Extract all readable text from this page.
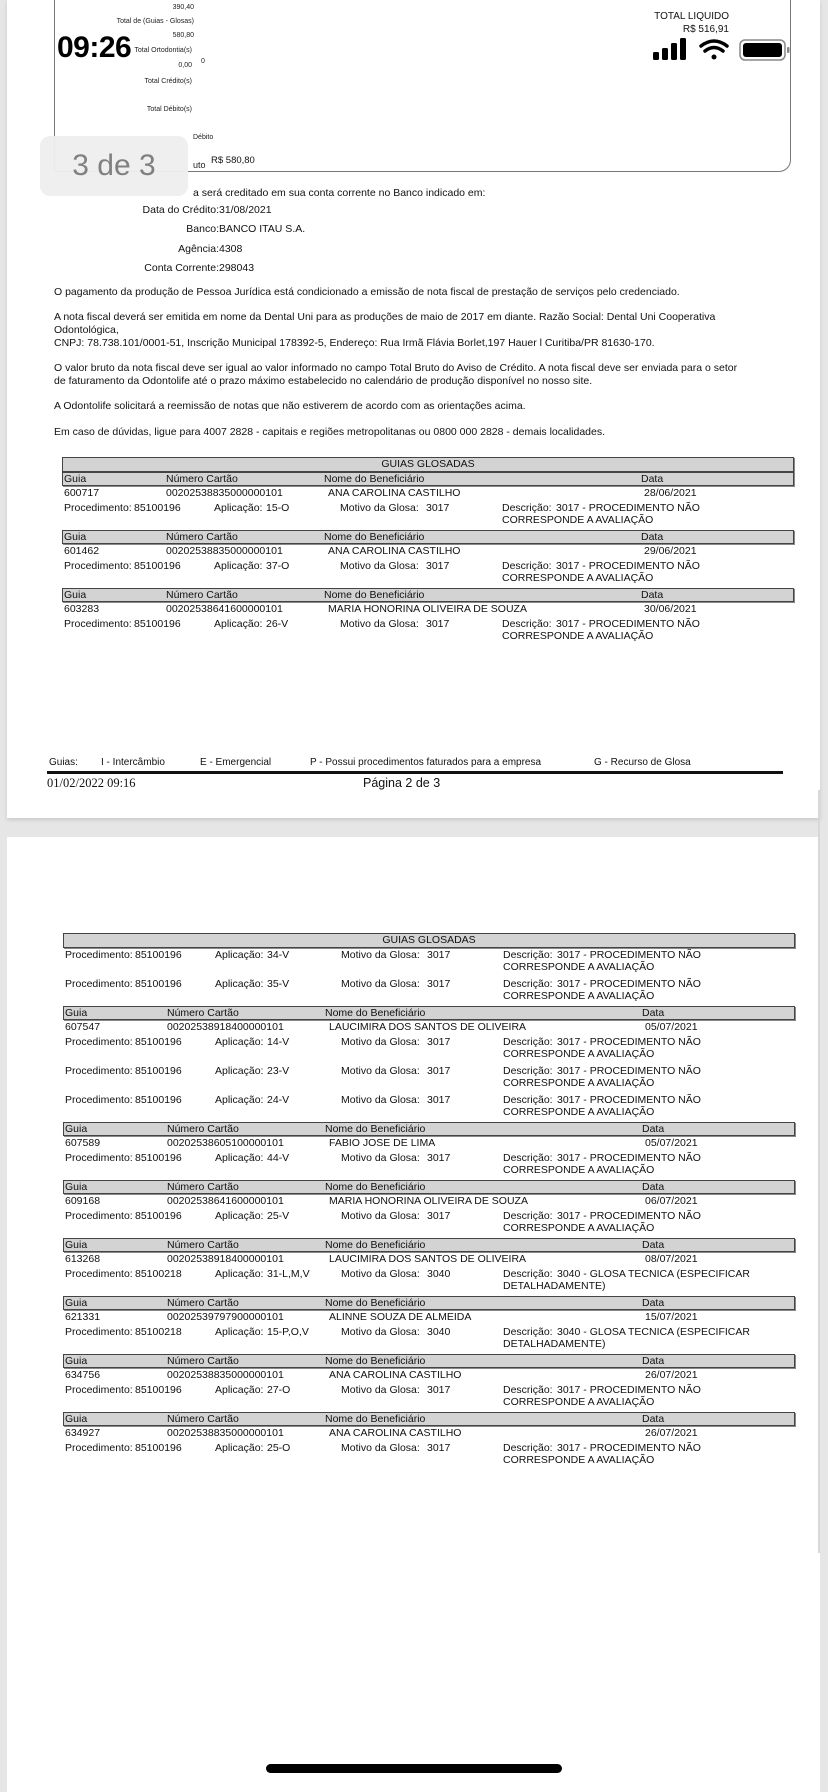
390,40
Total de (Guias - Glosas)
580,80
Total Ortodontia(s)
0,00
0
Total Crédito(s)
Total Débito(s)
Débito
uto R$ 580,80
TOTAL LIQUIDO
R$ 516,91
a será creditado em sua conta corrente no Banco indicado em:
Data do Crédito: 31/08/2021
Banco: BANCO ITAU S.A.
Agência: 4308
Conta Corrente: 298043
O pagamento da produção de Pessoa Jurídica está condicionado a emissão de nota fiscal de prestação de serviços pelo credenciado.
A nota fiscal deverá ser emitida em nome da Dental Uni para as produções de maio de 2017 em diante. Razão Social: Dental Uni Cooperativa
Odontológica,
CNPJ: 78.738.101/0001-51, Inscrição Municipal 178392-5, Endereço: Rua Irmã Flávia Borlet,197 Hauer l Curitiba/PR 81630-170.
O valor bruto da nota fiscal deve ser igual ao valor informado no campo Total Bruto do Aviso de Crédito. A nota fiscal deve ser enviada para o setor
de faturamento da Odontolife até o prazo máximo estabelecido no calendário de produção disponível no nosso site.
A Odontolife solicitará a reemissão de notas que não estiverem de acordo com as orientações acima.
Em caso de dúvidas, ligue para 4007 2828 - capitais e regiões metropolitanas ou 0800 000 2828 - demais localidades.
GUIAS GLOSADAS
Guia	Número Cartão	Nome do Beneficiário	Data
600717	00202538835000000101	ANA CAROLINA CASTILHO	28/06/2021
Procedimento: 85100196	Aplicação: 15-O	Motivo da Glosa: 3017	Descrição: 3017 - PROCEDIMENTO NÃO
CORRESPONDE A AVALIAÇÃO
Guia	Número Cartão	Nome do Beneficiário	Data
601462	00202538835000000101	ANA CAROLINA CASTILHO	29/06/2021
Procedimento: 85100196	Aplicação: 37-O	Motivo da Glosa: 3017	Descrição: 3017 - PROCEDIMENTO NÃO
CORRESPONDE A AVALIAÇÃO
Guia	Número Cartão	Nome do Beneficiário	Data
603283	00202538641600000101	MARIA HONORINA OLIVEIRA DE SOUZA	30/06/2021
Procedimento: 85100196	Aplicação: 26-V	Motivo da Glosa: 3017	Descrição: 3017 - PROCEDIMENTO NÃO
CORRESPONDE A AVALIAÇÃO
Guias: I - Intercâmbio	E - Emergencial	P - Possui procedimentos faturados para a empresa	G - Recurso de Glosa
01/02/2022 09:16	Página 2 de 3
GUIAS GLOSADAS
Procedimento: 85100196	Aplicação: 34-V	Motivo da Glosa: 3017	Descrição: 3017 - PROCEDIMENTO NÃO
CORRESPONDE A AVALIAÇÃO
Procedimento: 85100196	Aplicação: 35-V	Motivo da Glosa: 3017	Descrição: 3017 - PROCEDIMENTO NÃO
CORRESPONDE A AVALIAÇÃO
Guia	Número Cartão	Nome do Beneficiário	Data
607547	00202538918400000101	LAUCIMIRA DOS SANTOS DE OLIVEIRA	05/07/2021
Procedimento: 85100196	Aplicação: 14-V	Motivo da Glosa: 3017	Descrição: 3017 - PROCEDIMENTO NÃO
CORRESPONDE A AVALIAÇÃO
Procedimento: 85100196	Aplicação: 23-V	Motivo da Glosa: 3017	Descrição: 3017 - PROCEDIMENTO NÃO
CORRESPONDE A AVALIAÇÃO
Procedimento: 85100196	Aplicação: 24-V	Motivo da Glosa: 3017	Descrição: 3017 - PROCEDIMENTO NÃO
CORRESPONDE A AVALIAÇÃO
Guia	Número Cartão	Nome do Beneficiário	Data
607589	00202538605100000101	FABIO JOSE DE LIMA	05/07/2021
Procedimento: 85100196	Aplicação: 44-V	Motivo da Glosa: 3017	Descrição: 3017 - PROCEDIMENTO NÃO
CORRESPONDE A AVALIAÇÃO
Guia	Número Cartão	Nome do Beneficiário	Data
609168	00202538641600000101	MARIA HONORINA OLIVEIRA DE SOUZA	06/07/2021
Procedimento: 85100196	Aplicação: 25-V	Motivo da Glosa: 3017	Descrição: 3017 - PROCEDIMENTO NÃO
CORRESPONDE A AVALIAÇÃO
Guia	Número Cartão	Nome do Beneficiário	Data
613268	00202538918400000101	LAUCIMIRA DOS SANTOS DE OLIVEIRA	08/07/2021
Procedimento: 85100218	Aplicação: 31-L,M,V	Motivo da Glosa: 3040	Descrição: 3040 - GLOSA TECNICA (ESPECIFICAR
DETALHADAMENTE)
Guia	Número Cartão	Nome do Beneficiário	Data
621331	00202539797900000101	ALINNE SOUZA DE ALMEIDA	15/07/2021
Procedimento: 85100218	Aplicação: 15-P,O,V	Motivo da Glosa: 3040	Descrição: 3040 - GLOSA TECNICA (ESPECIFICAR
DETALHADAMENTE)
Guia	Número Cartão	Nome do Beneficiário	Data
634756	00202538835000000101	ANA CAROLINA CASTILHO	26/07/2021
Procedimento: 85100196	Aplicação: 27-O	Motivo da Glosa: 3017	Descrição: 3017 - PROCEDIMENTO NÃO
CORRESPONDE A AVALIAÇÃO
Guia	Número Cartão	Nome do Beneficiário	Data
634927	00202538835000000101	ANA CAROLINA CASTILHO	26/07/2021
Procedimento: 85100196	Aplicação: 25-O	Motivo da Glosa: 3017	Descrição: 3017 - PROCEDIMENTO NÃO
CORRESPONDE A AVALIAÇÃO
09:26
3 de 3
